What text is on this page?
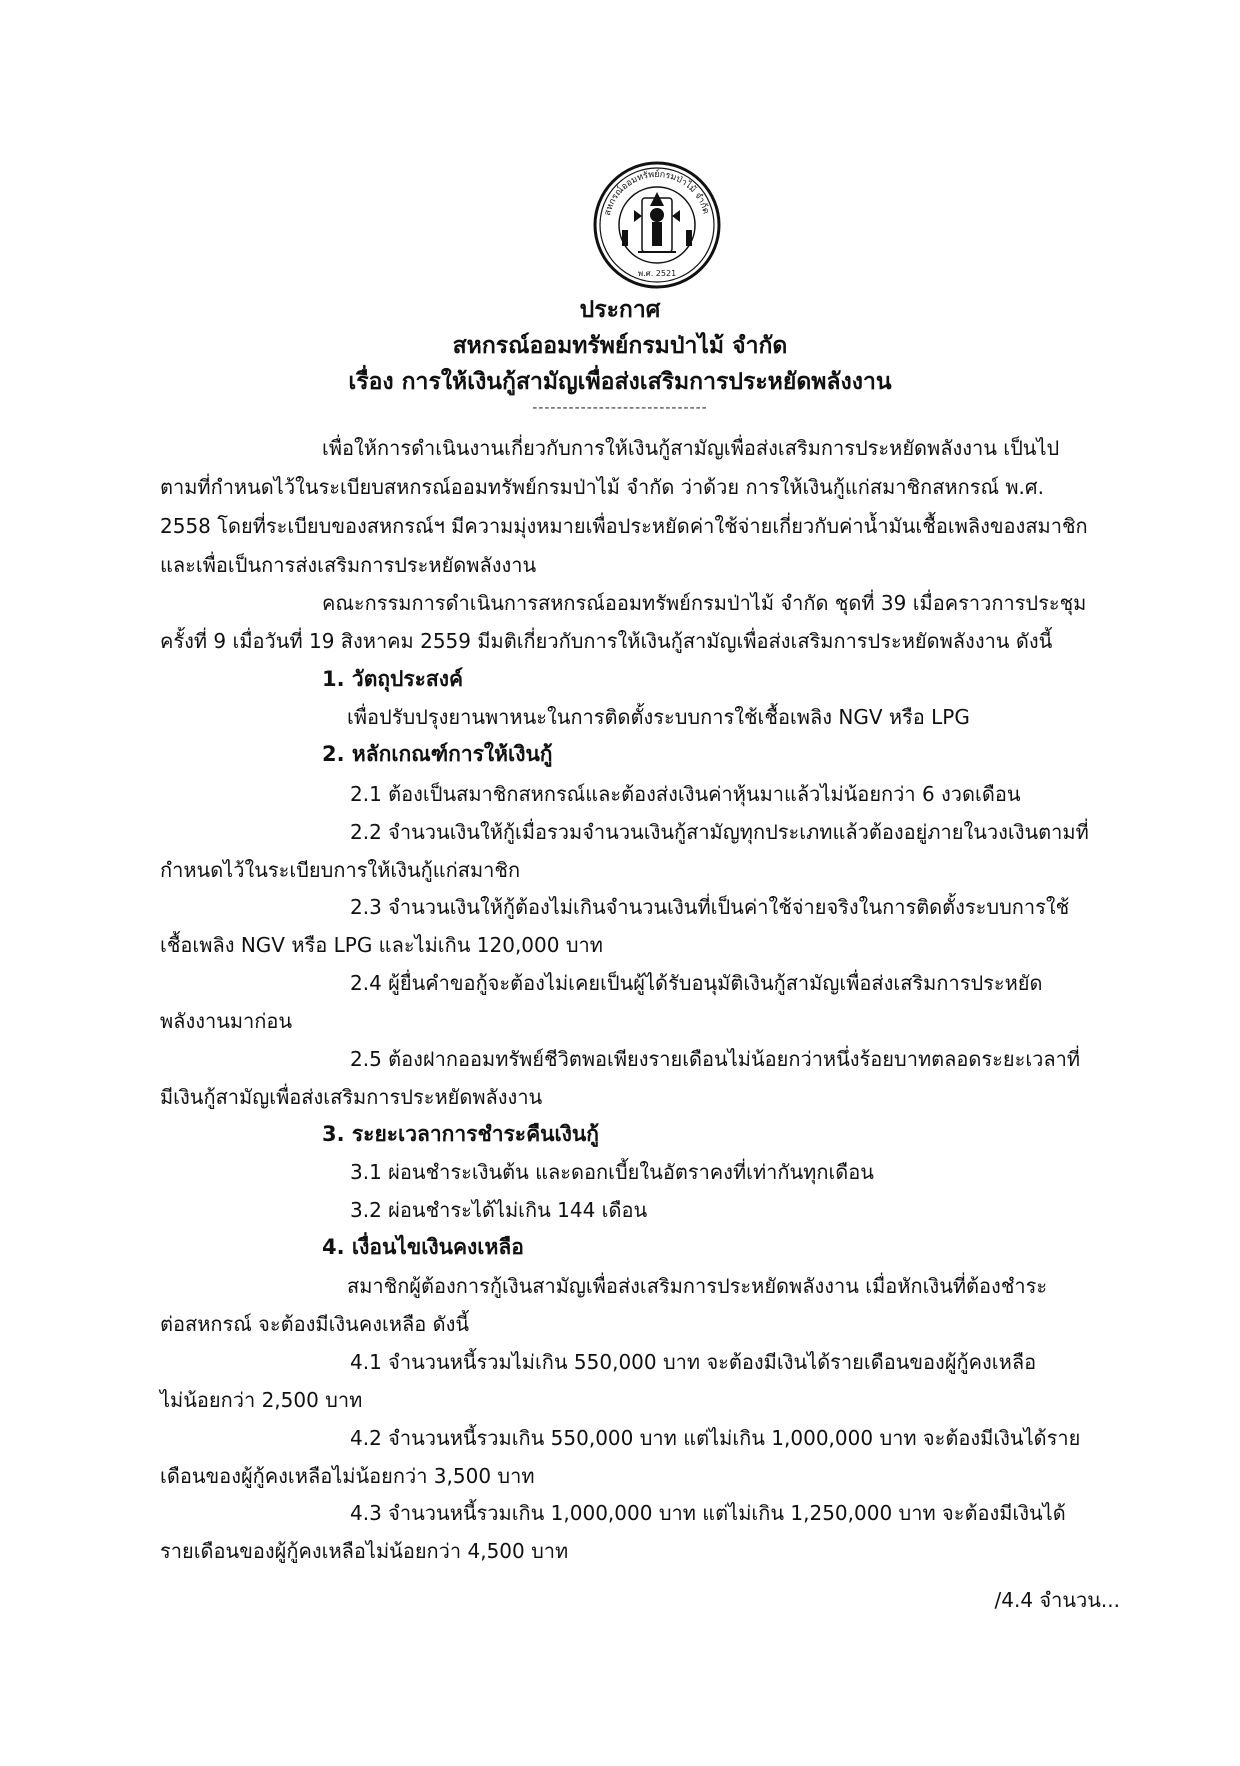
สหกรณ์ออมทรัพย์กรมป่าไม้ จำกัด
พ.ศ. 2521
ประกาศ
สหกรณ์ออมทรัพย์กรมป่าไม้ จำกัด
เรื่อง การให้เงินกู้สามัญเพื่อส่งเสริมการประหยัดพลังงาน
-----------------------------
เพื่อให้การดำเนินงานเกี่ยวกับการให้เงินกู้สามัญเพื่อส่งเสริมการประหยัดพลังงาน เป็นไป
ตามที่กำหนดไว้ในระเบียบสหกรณ์ออมทรัพย์กรมป่าไม้ จำกัด ว่าด้วย การให้เงินกู้แก่สมาชิกสหกรณ์ พ.ศ.
2558 โดยที่ระเบียบของสหกรณ์ฯ มีความมุ่งหมายเพื่อประหยัดค่าใช้จ่ายเกี่ยวกับค่าน้ำมันเชื้อเพลิงของสมาชิก
และเพื่อเป็นการส่งเสริมการประหยัดพลังงาน
คณะกรรมการดำเนินการสหกรณ์ออมทรัพย์กรมป่าไม้ จำกัด ชุดที่ 39 เมื่อคราวการประชุม
ครั้งที่ 9 เมื่อวันที่ 19 สิงหาคม 2559 มีมติเกี่ยวกับการให้เงินกู้สามัญเพื่อส่งเสริมการประหยัดพลังงาน ดังนี้
1. วัตถุประสงค์
เพื่อปรับปรุงยานพาหนะในการติดตั้งระบบการใช้เชื้อเพลิง NGV หรือ LPG
2. หลักเกณฑ์การให้เงินกู้
2.1 ต้องเป็นสมาชิกสหกรณ์และต้องส่งเงินค่าหุ้นมาแล้วไม่น้อยกว่า 6 งวดเดือน
2.2 จำนวนเงินให้กู้เมื่อรวมจำนวนเงินกู้สามัญทุกประเภทแล้วต้องอยู่ภายในวงเงินตามที่
กำหนดไว้ในระเบียบการให้เงินกู้แก่สมาชิก
2.3 จำนวนเงินให้กู้ต้องไม่เกินจำนวนเงินที่เป็นค่าใช้จ่ายจริงในการติดตั้งระบบการใช้
เชื้อเพลิง NGV หรือ LPG และไม่เกิน 120,000 บาท
2.4 ผู้ยื่นคำขอกู้จะต้องไม่เคยเป็นผู้ได้รับอนุมัติเงินกู้สามัญเพื่อส่งเสริมการประหยัด
พลังงานมาก่อน
2.5 ต้องฝากออมทรัพย์ชีวิตพอเพียงรายเดือนไม่น้อยกว่าหนึ่งร้อยบาทตลอดระยะเวลาที่
มีเงินกู้สามัญเพื่อส่งเสริมการประหยัดพลังงาน
3. ระยะเวลาการชำระคืนเงินกู้
3.1 ผ่อนชำระเงินต้น และดอกเบี้ยในอัตราคงที่เท่ากันทุกเดือน
3.2 ผ่อนชำระได้ไม่เกิน 144 เดือน
4. เงื่อนไขเงินคงเหลือ
สมาชิกผู้ต้องการกู้เงินสามัญเพื่อส่งเสริมการประหยัดพลังงาน เมื่อหักเงินที่ต้องชำระ
ต่อสหกรณ์ จะต้องมีเงินคงเหลือ ดังนี้
4.1 จำนวนหนี้รวมไม่เกิน 550,000 บาท จะต้องมีเงินได้รายเดือนของผู้กู้คงเหลือ
ไม่น้อยกว่า 2,500 บาท
4.2 จำนวนหนี้รวมเกิน 550,000 บาท แต่ไม่เกิน 1,000,000 บาท จะต้องมีเงินได้ราย
เดือนของผู้กู้คงเหลือไม่น้อยกว่า 3,500 บาท
4.3 จำนวนหนี้รวมเกิน 1,000,000 บาท แต่ไม่เกิน 1,250,000 บาท จะต้องมีเงินได้
รายเดือนของผู้กู้คงเหลือไม่น้อยกว่า 4,500 บาท
/4.4 จำนวน...
